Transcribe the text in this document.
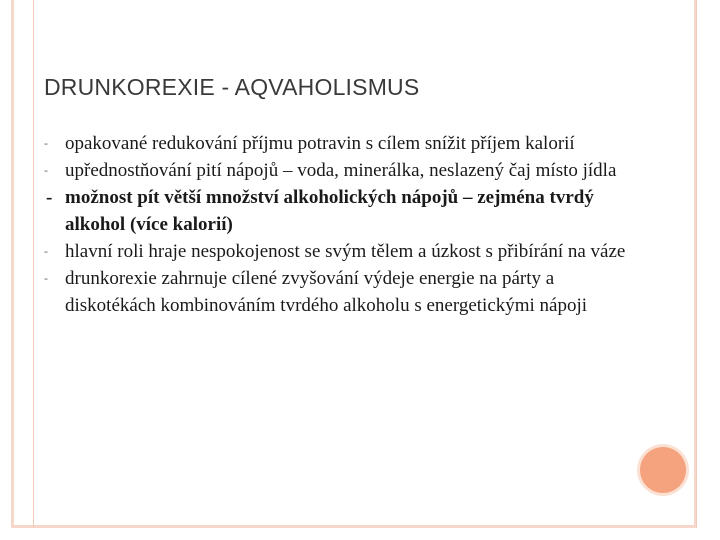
DRUNKOREXIE - AQVAHOLISMUS
- opakované redukování příjmu potravin s cílem snížit příjem kalorií
- upřednostňování pití nápojů – voda, minerálka, neslazený čaj místo jídla
- možnost pít větší množství alkoholických nápojů – zejména tvrdý alkohol (více kalorií)
- hlavní roli hraje nespokojenost se svým tělem a úzkost s přibírání na váze
- drunkorexie zahrnuje cílené zvyšování výdeje energie na párty a diskotékách kombinováním tvrdého alkoholu s energetickými nápoji
